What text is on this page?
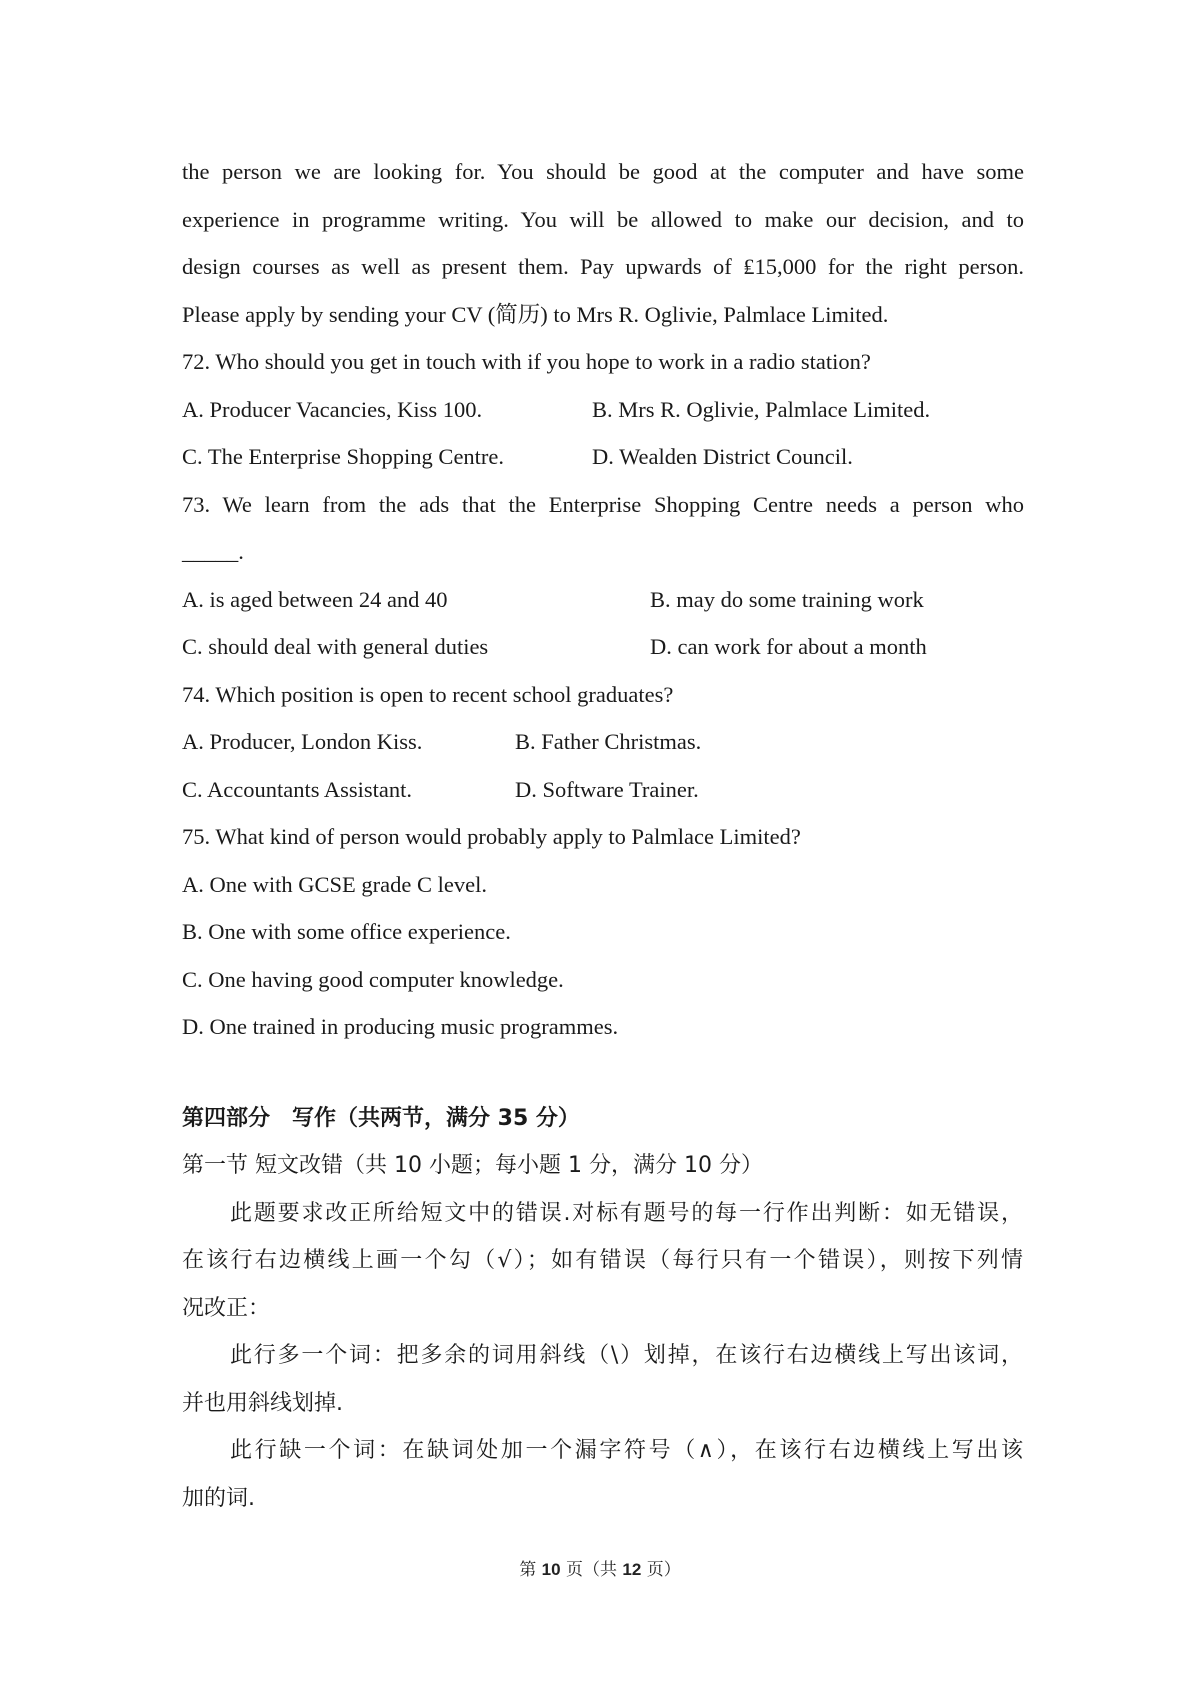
the person we are looking for. You should be good at the computer and have some
experience in programme writing. You will be allowed to make our decision, and to
design courses as well as present them. Pay upwards of ₤15,000 for the right person.
Please apply by sending your CV (简历) to Mrs R. Oglivie, Palmlace Limited.
72. Who should you get in touch with if you hope to work in a radio station?
A. Producer Vacancies, Kiss 100.	B. Mrs R. Oglivie, Palmlace Limited.
C. The Enterprise Shopping Centre.	D. Wealden District Council.
73. We learn from the ads that the Enterprise Shopping Centre needs a person who
_____.
A. is aged between 24 and 40	B. may do some training work
C. should deal with general duties	D. can work for about a month
74. Which position is open to recent school graduates?
A. Producer, London Kiss.	B. Father Christmas.
C. Accountants Assistant.	D. Software Trainer.
75. What kind of person would probably apply to Palmlace Limited?
A. One with GCSE grade C level.
B. One with some office experience.
C. One having good computer knowledge.
D. One trained in producing music programmes.
第四部分　写作（共两节，满分 35 分）
第一节 短文改错（共 10 小题；每小题 1 分，满分 10 分）
此题要求改正所给短文中的错误.对标有题号的每一行作出判断：如无错误，
在该行右边横线上画一个勾（√）；如有错误（每行只有一个错误），则按下列情
况改正：
此行多一个词：把多余的词用斜线（\）划掉，在该行右边横线上写出该词，
并也用斜线划掉.
此行缺一个词：在缺词处加一个漏字符号（∧），在该行右边横线上写出该
加的词.
第 10 页（共 12 页）
